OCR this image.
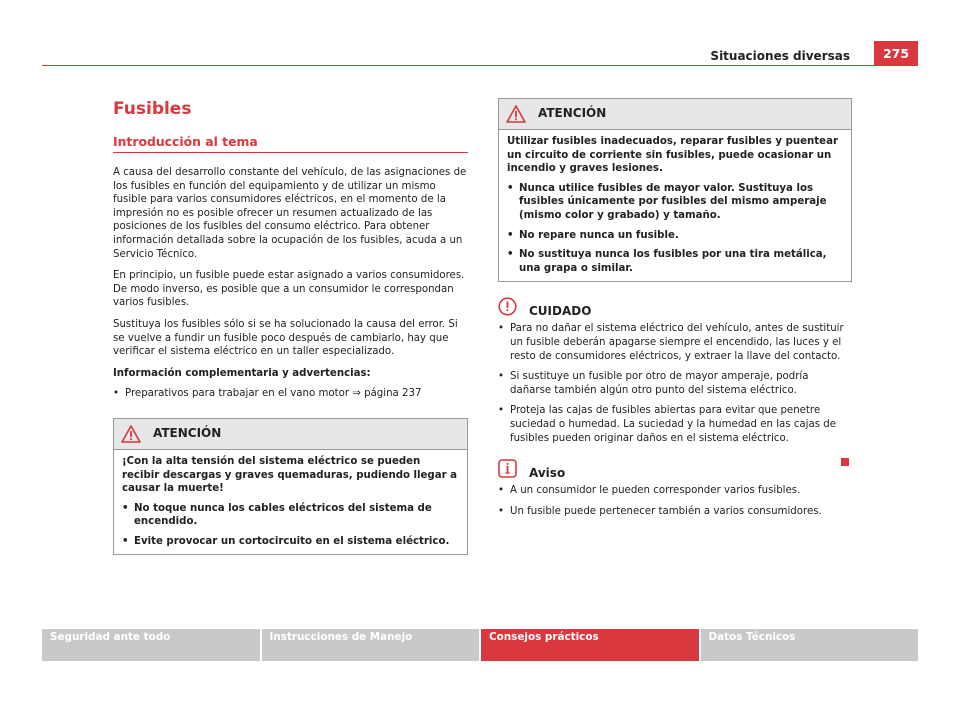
Situaciones diversas	275
Fusibles
Introducción al tema

A causa del desarrollo constante del vehículo, de las asignaciones de los fusibles en función del equipamiento y de utilizar un mismo fusible para varios consumidores eléctricos, en el momento de la impresión no es posible ofrecer un resumen actualizado de las posiciones de los fusibles del consumo eléctrico. Para obtener información detallada sobre la ocupación de los fusibles, acuda a un Servicio Técnico.

En principio, un fusible puede estar asignado a varios consumidores. De modo inverso, es posible que a un consumidor le correspondan varios fusibles.

Sustituya los fusibles sólo si se ha solucionado la causa del error. Si se vuelve a fundir un fusible poco después de cambiarlo, hay que verificar el sistema eléctrico en un taller especializado.

Información complementaria y advertencias:

• Preparativos para trabajar en el vano motor ⇒ página 237
ATENCIÓN

¡Con la alta tensión del sistema eléctrico se pueden recibir descargas y graves quemaduras, pudiendo llegar a causar la muerte!

• No toque nunca los cables eléctricos del sistema de encendido.
• Evite provocar un cortocircuito en el sistema eléctrico.
ATENCIÓN

Utilizar fusibles inadecuados, reparar fusibles y puentear un circuito de corriente sin fusibles, puede ocasionar un incendio y graves lesiones.

• Nunca utilice fusibles de mayor valor. Sustituya los fusibles únicamente por fusibles del mismo amperaje (mismo color y grabado) y tamaño.
• No repare nunca un fusible.
• No sustituya nunca los fusibles por una tira metálica, una grapa o similar.
CUIDADO
• Para no dañar el sistema eléctrico del vehículo, antes de sustituir un fusible deberán apagarse siempre el encendido, las luces y el resto de consumidores eléctricos, y extraer la llave del contacto.
• Si sustituye un fusible por otro de mayor amperaje, podría dañarse también algún otro punto del sistema eléctrico.
• Proteja las cajas de fusibles abiertas para evitar que penetre suciedad o humedad. La suciedad y la humedad en las cajas de fusibles pueden originar daños en el sistema eléctrico.
Aviso
• A un consumidor le pueden corresponder varios fusibles.
• Un fusible puede pertenecer también a varios consumidores.
Seguridad ante todo	Instrucciones de Manejo	Consejos prácticos	Datos Técnicos
